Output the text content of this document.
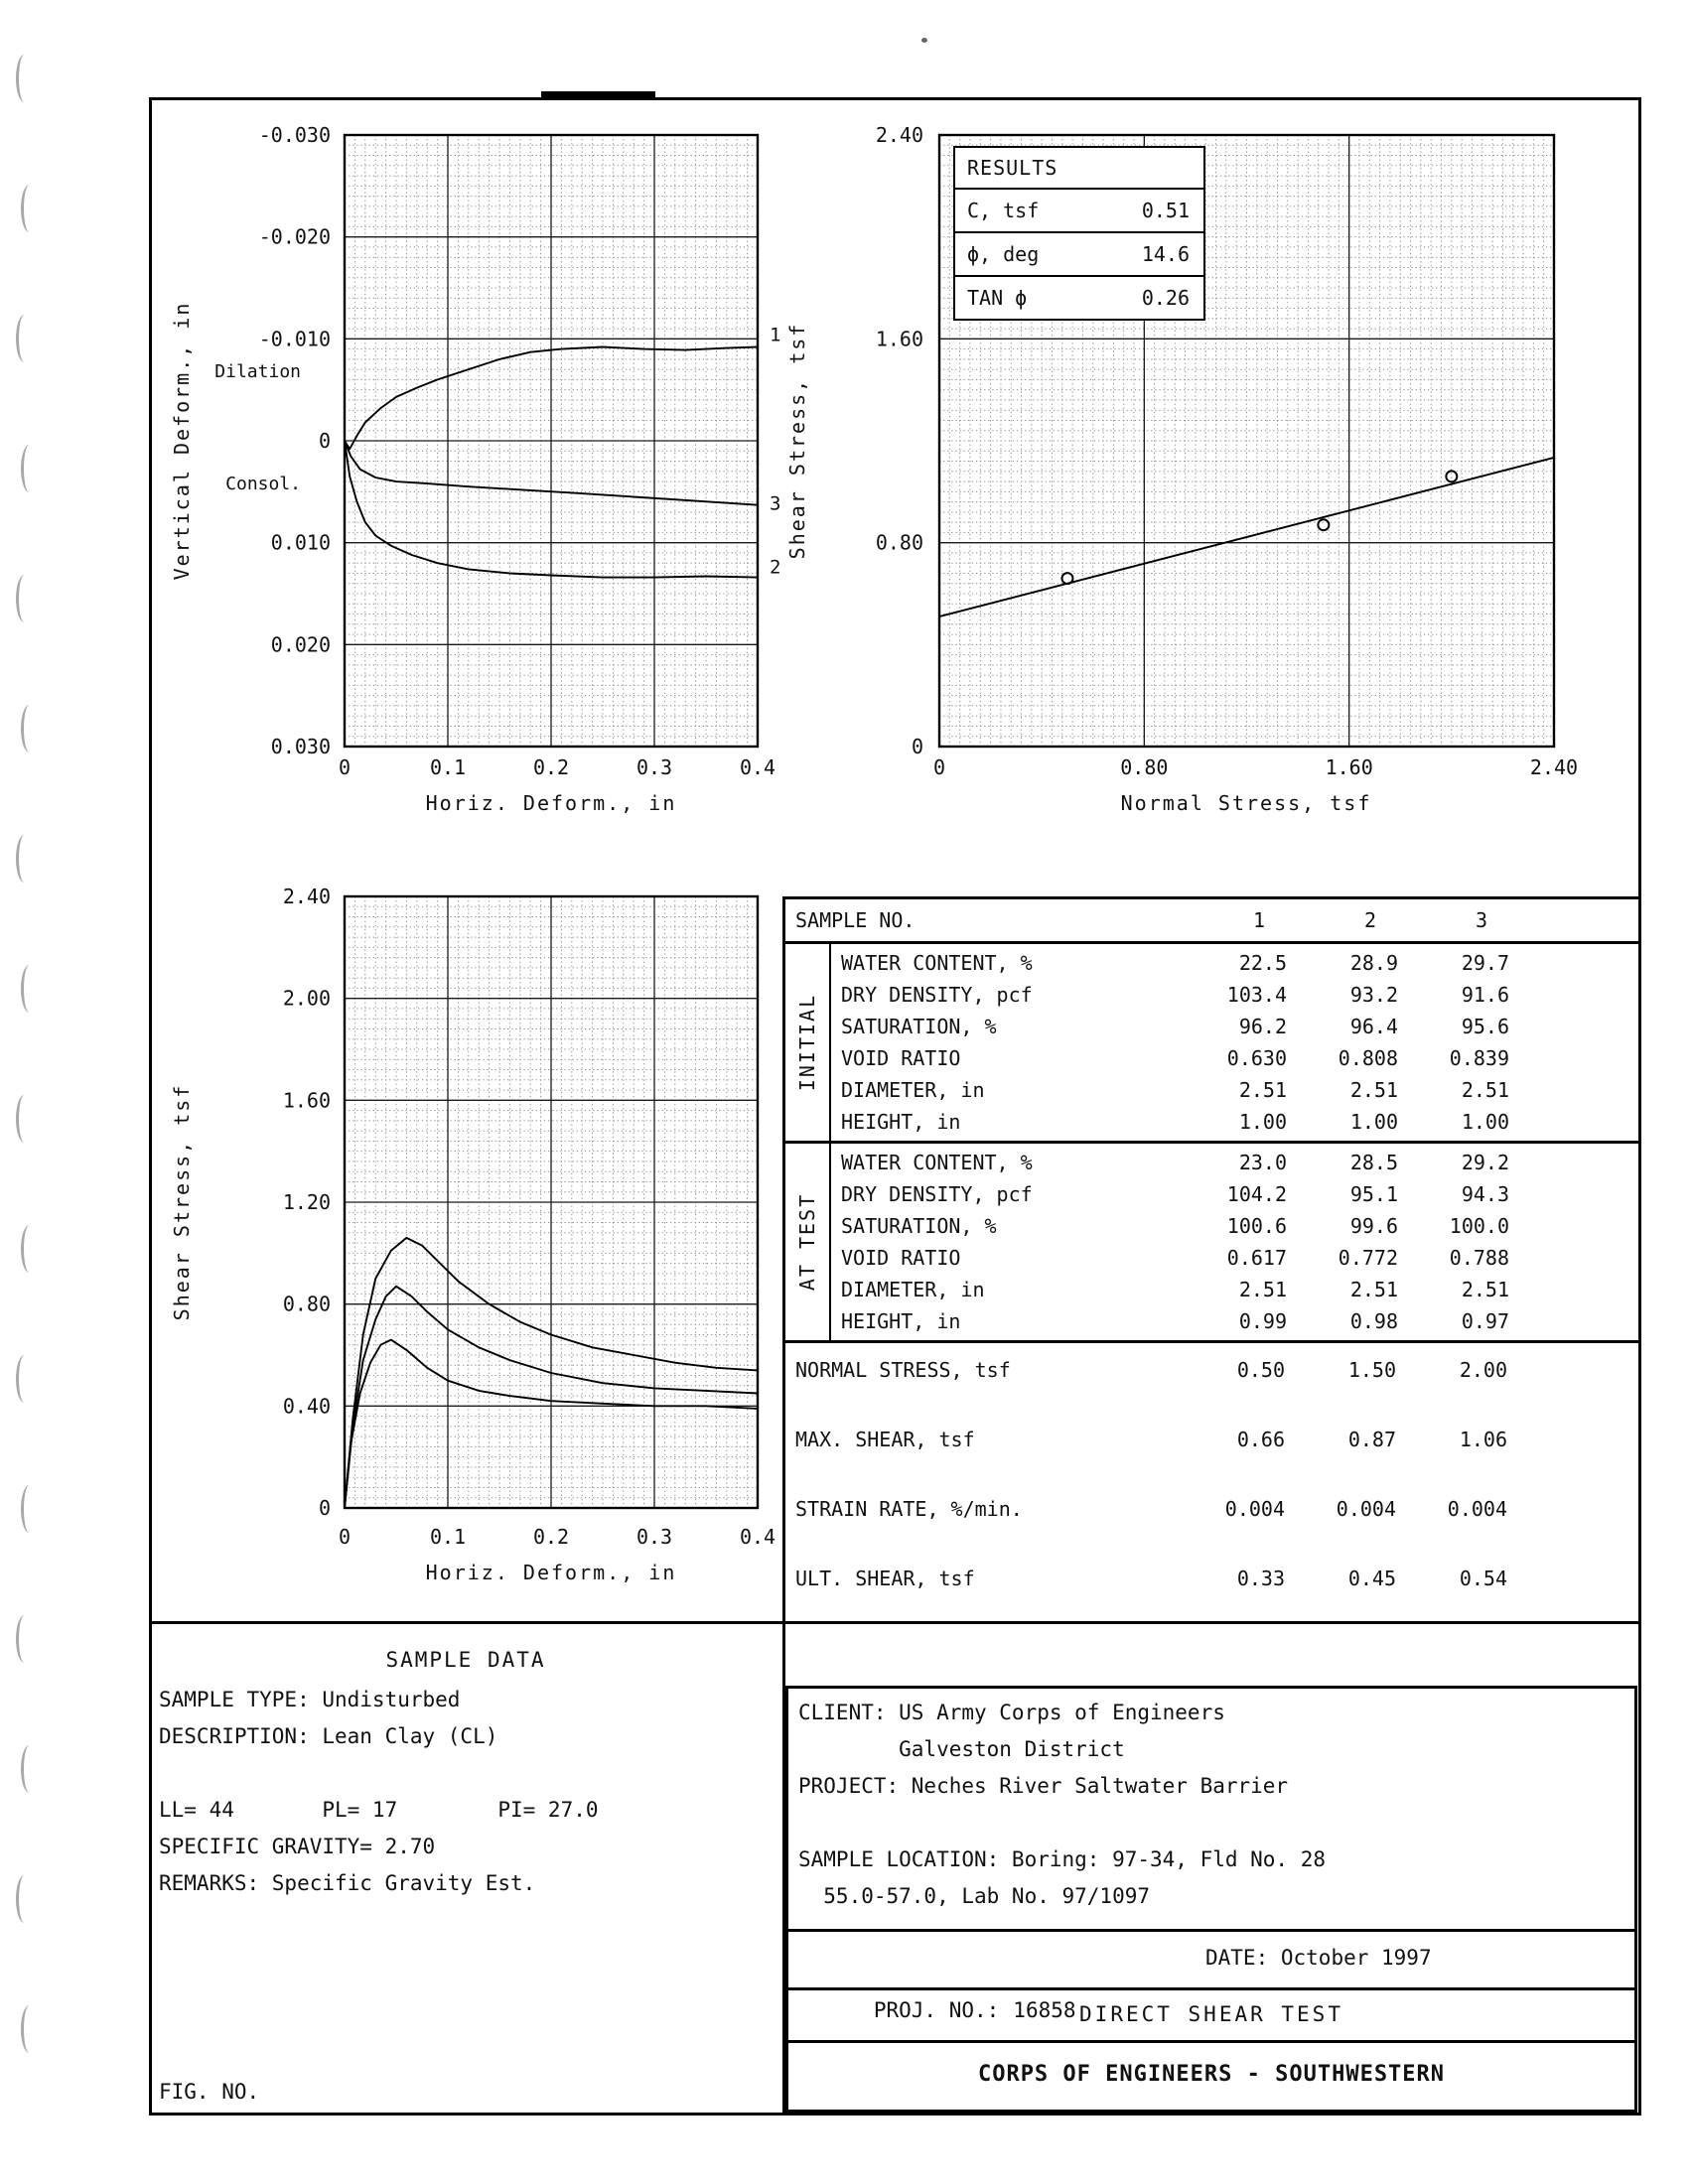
0	0.1	0.2	0.3	0.4
-0.030
-0.020
-0.010
0
0.010
0.020
0.030
Horiz. Deform., in
Vertical Deform., in Dilation
Consol.
1
3
2
0	0.80	1.60	2.40
0
0.80
1.60
2.40
Normal Stress, tsf
Shear Stress, tsf
RESULTS
C, tsf	0.51
ϕ, deg	14.6
TAN ϕ	0.26
0	0.1	0.2	0.3	0.4
0
0.40
0.80
1.20
1.60
2.00
2.40
Horiz. Deform., in
Shear Stress, tsf
SAMPLE NO.	1	2	3
INITIAL
WATER CONTENT, %	22.5	28.9	29.7
DRY DENSITY, pcf	103.4	93.2	91.6
SATURATION, %	96.2	96.4	95.6
VOID RATIO	0.630	0.808	0.839
DIAMETER, in	2.51	2.51	2.51
HEIGHT, in	1.00	1.00	1.00
AT TEST
WATER CONTENT, %	23.0	28.5	29.2
DRY DENSITY, pcf	104.2	95.1	94.3
SATURATION, %	100.6	99.6	100.0
VOID RATIO	0.617	0.772	0.788
DIAMETER, in	2.51	2.51	2.51
HEIGHT, in	0.99	0.98	0.97
NORMAL STRESS, tsf	0.50	1.50	2.00
MAX. SHEAR, tsf	0.66	0.87	1.06
STRAIN RATE, %/min.	0.004	0.004	0.004
ULT. SHEAR, tsf	0.33	0.45	0.54
SAMPLE DATA
SAMPLE TYPE: Undisturbed
DESCRIPTION: Lean Clay (CL)
LL= 44       PL= 17        PI= 27.0
SPECIFIC GRAVITY= 2.70
REMARKS: Specific Gravity Est.
FIG. NO.
CLIENT: US Army Corps of Engineers
Galveston District
PROJECT: Neches River Saltwater Barrier
SAMPLE LOCATION: Boring: 97-34, Fld No. 28
55.0-57.0, Lab No. 97/1097

PROJ. NO.: 16858

DATE: October 1997

DIRECT SHEAR TEST
CORPS OF ENGINEERS - SOUTHWESTERN
